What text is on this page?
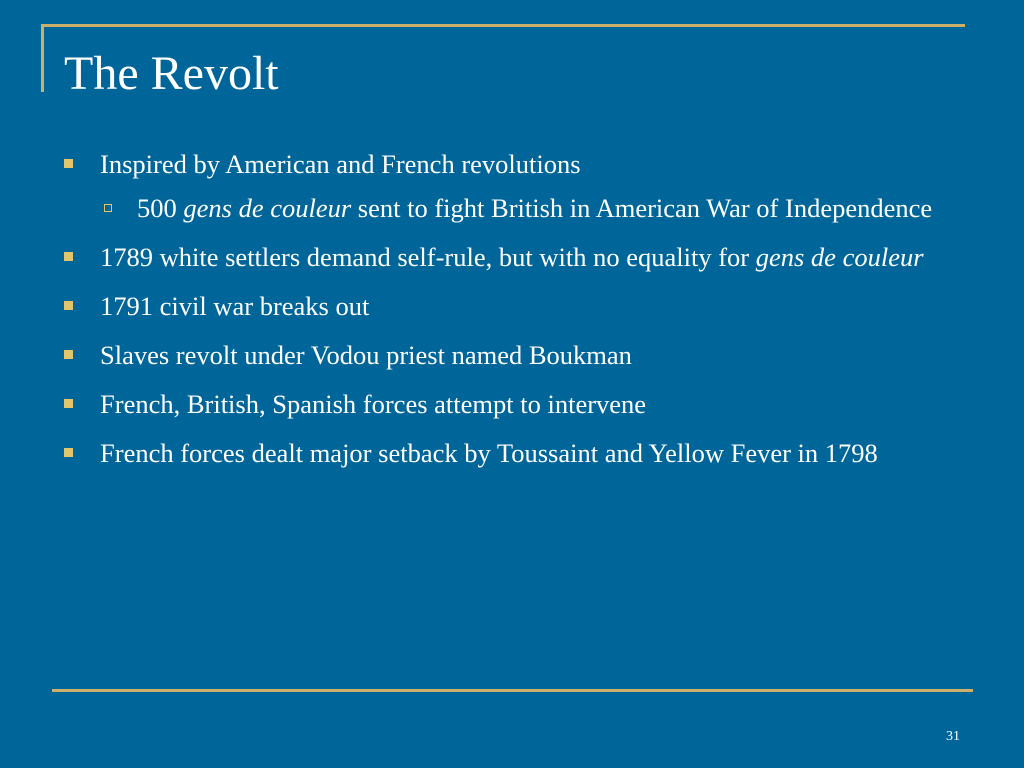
The Revolt
Inspired by American and French revolutions
500 gens de couleur sent to fight British in American War of Independence
1789 white settlers demand self-rule, but with no equality for gens de couleur
1791 civil war breaks out
Slaves revolt under Vodou priest named Boukman
French, British, Spanish forces attempt to intervene
French forces dealt major setback by Toussaint and Yellow Fever in 1798
31
